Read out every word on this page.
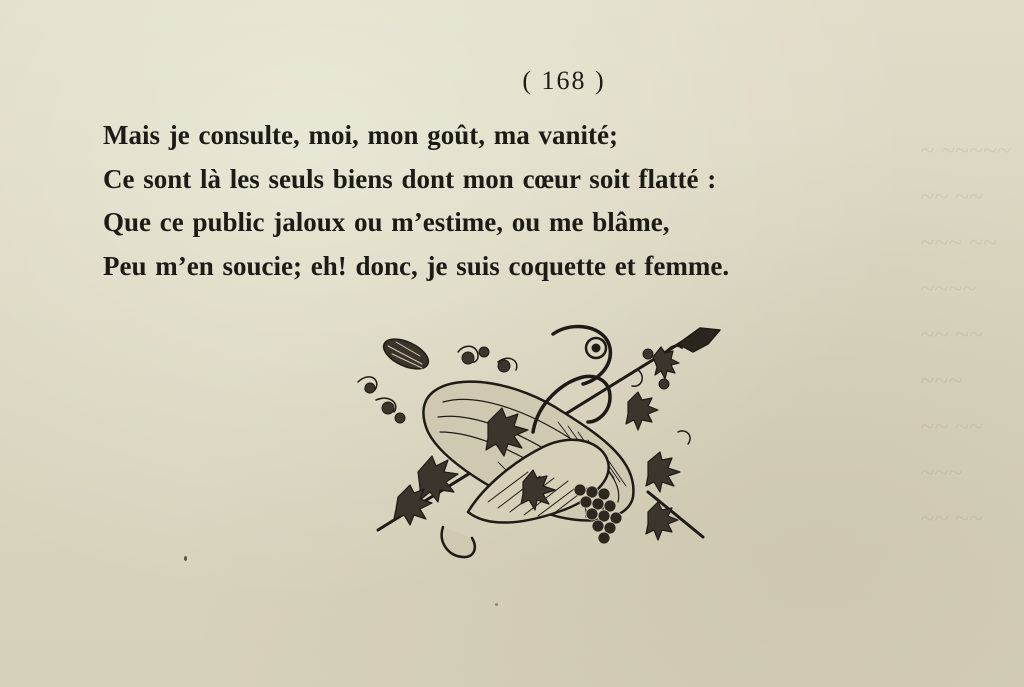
~ ~~~~~
~~ ~~
~~~ ~~
~~~~
~~ ~~
~~~
~~ ~~
~~~
~~ ~~
( 168 )
Mais je consulte, moi, mon goût, ma vanité;
Ce sont là les seuls biens dont mon cœur soit flatté :
Que ce public jaloux ou m’estime, ou me blâme,
Peu m’en soucie; eh! donc, je suis coquette et femme.
